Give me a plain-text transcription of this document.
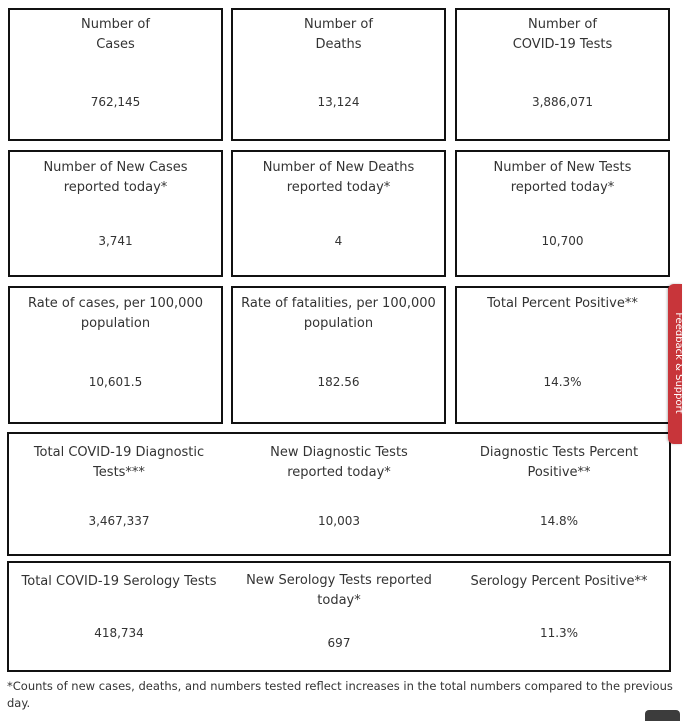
Number of
Cases
762,145
Number of
Deaths
13,124
Number of
COVID-19 Tests
3,886,071
Number of New Cases
reported today*
3,741
Number of New Deaths
reported today*
4
Number of New Tests
reported today*
10,700
Rate of cases, per 100,000
population
10,601.5
Rate of fatalities, per 100,000
population
182.56
Total Percent Positive**
14.3%
Total COVID-19 Diagnostic
Tests***
3,467,337
New Diagnostic Tests
reported today*
10,003
Diagnostic Tests Percent
Positive**
14.8%
Total COVID-19 Serology Tests
418,734
New Serology Tests reported
today*
697
Serology Percent Positive**
11.3%
*Counts of new cases, deaths, and numbers tested reflect increases in the total numbers compared to the previous day.
Feedback & Support
